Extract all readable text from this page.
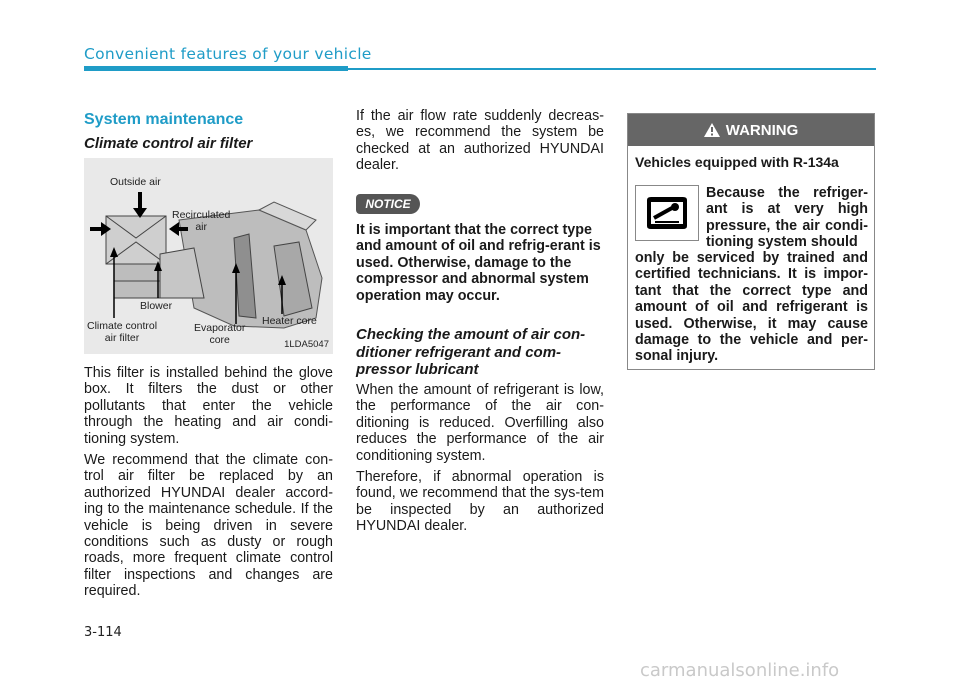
Convenient features of your vehicle
System maintenance
Climate control air filter
Outside air
Recirculated
air
Blower
Climate control
air filter
Evaporator
core
Heater core
1LDA5047

This filter is installed behind the glove box. It filters the dust or other pollutants that enter the vehicle through the heating and air condi-tioning system.

We recommend that the climate con-trol air filter be replaced by an authorized HYUNDAI dealer accord-ing to the maintenance schedule. If the vehicle is being driven in severe conditions such as dusty or rough roads, more frequent climate control filter inspections and changes are required.

If the air flow rate suddenly decreas-es, we recommend the system be checked at an authorized HYUNDAI dealer.

NOTICE

It is important that the correct type and amount of oil and refrig-erant is used. Otherwise, damage to the compressor and abnormal system operation may occur.

Checking the amount of air con-ditioner refrigerant and com-pressor lubricant

When the amount of refrigerant is low, the performance of the air con-ditioning is reduced. Overfilling also reduces the performance of the air conditioning system.

Therefore, if abnormal operation is found, we recommend that the sys-tem be inspected by an authorized HYUNDAI dealer.

WARNING
Vehicles equipped with R-134a
Because the refriger-ant is at very high pressure, the air condi-tioning system should
only be serviced by trained and certified technicians. It is impor-tant that the correct type and amount of oil and refrigerant is used. Otherwise, it may cause damage to the vehicle and per-sonal injury.
3-114
carmanualsonline.info
